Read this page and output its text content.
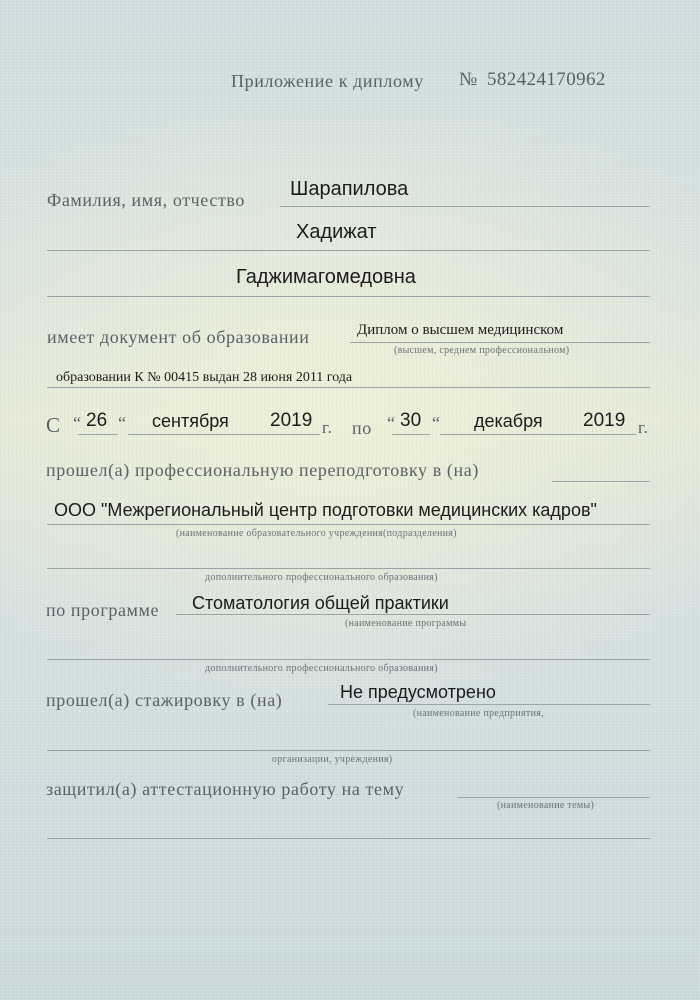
Приложение к диплому № 582424170962
Фамилия, имя, отчество Шарапилова
Хадижат
Гаджимагомедовна
имеет документ об образовании	Диплом о высшем медицинском
(высшем, среднем профессиональном)
образовании К № 00415 выдан 28 июня 2011 года
С “ 26 “ сентября 2019 г. по “ 30 “ декабря 2019 г.
прошел(а) профессиональную переподготовку в (на)
ООО "Межрегиональный центр подготовки медицинских кадров"
(наименование образовательного учреждения(подразделения)
дополнительного профессионального образования)
по программе Стоматология общей практики
(наименование программы
дополнительного профессионального образования)
прошел(а) стажировку в (на)	Не предусмотрено
(наименование предприятия,
организации, учреждения)
защитил(а) аттестационную работу на тему
(наименование темы)
